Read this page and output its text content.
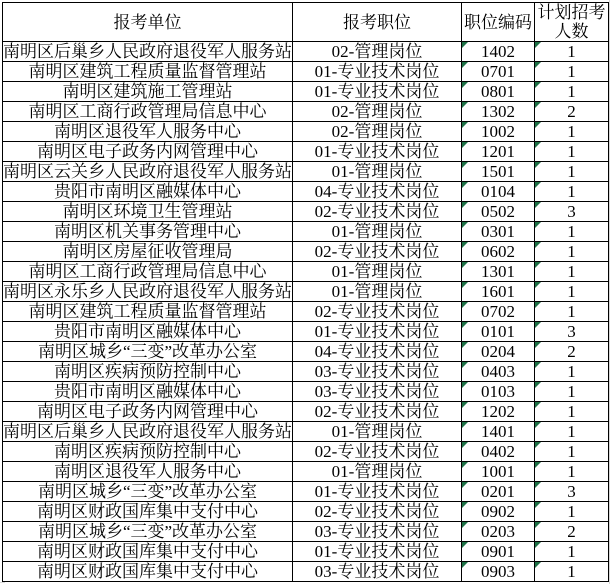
报考单位	报考职位	职位编码	计划招考人数
南明区后巢乡人民政府退役军人服务站	02-管理岗位	1402	1
南明区建筑工程质量监督管理站	01-专业技术岗位	0701	1
南明区建筑施工管理站	01-专业技术岗位	0801	1
南明区工商行政管理局信息中心	02-管理岗位	1302	2
南明区退役军人服务中心	02-管理岗位	1002	1
南明区电子政务内网管理中心	01-专业技术岗位	1201	1
南明区云关乡人民政府退役军人服务站	01-管理岗位	1501	1
贵阳市南明区融媒体中心	04-专业技术岗位	0104	1
南明区环境卫生管理站	02-专业技术岗位	0502	3
南明区机关事务管理中心	01-管理岗位	0301	1
南明区房屋征收管理局	02-专业技术岗位	0602	1
南明区工商行政管理局信息中心	01-管理岗位	1301	1
南明区永乐乡人民政府退役军人服务站	01-管理岗位	1601	1
南明区建筑工程质量监督管理站	02-专业技术岗位	0702	1
贵阳市南明区融媒体中心	01-专业技术岗位	0101	3
南明区城乡“三变”改革办公室	04-专业技术岗位	0204	2
南明区疾病预防控制中心	03-专业技术岗位	0403	1
贵阳市南明区融媒体中心	03-专业技术岗位	0103	1
南明区电子政务内网管理中心	02-专业技术岗位	1202	1
南明区后巢乡人民政府退役军人服务站	01-管理岗位	1401	1
南明区疾病预防控制中心	02-专业技术岗位	0402	1
南明区退役军人服务中心	01-管理岗位	1001	1
南明区城乡“三变”改革办公室	01-专业技术岗位	0201	3
南明区财政国库集中支付中心	02-专业技术岗位	0902	1
南明区城乡“三变”改革办公室	03-专业技术岗位	0203	2
南明区财政国库集中支付中心	01-专业技术岗位	0901	1
南明区财政国库集中支付中心	03-专业技术岗位	0903	1
